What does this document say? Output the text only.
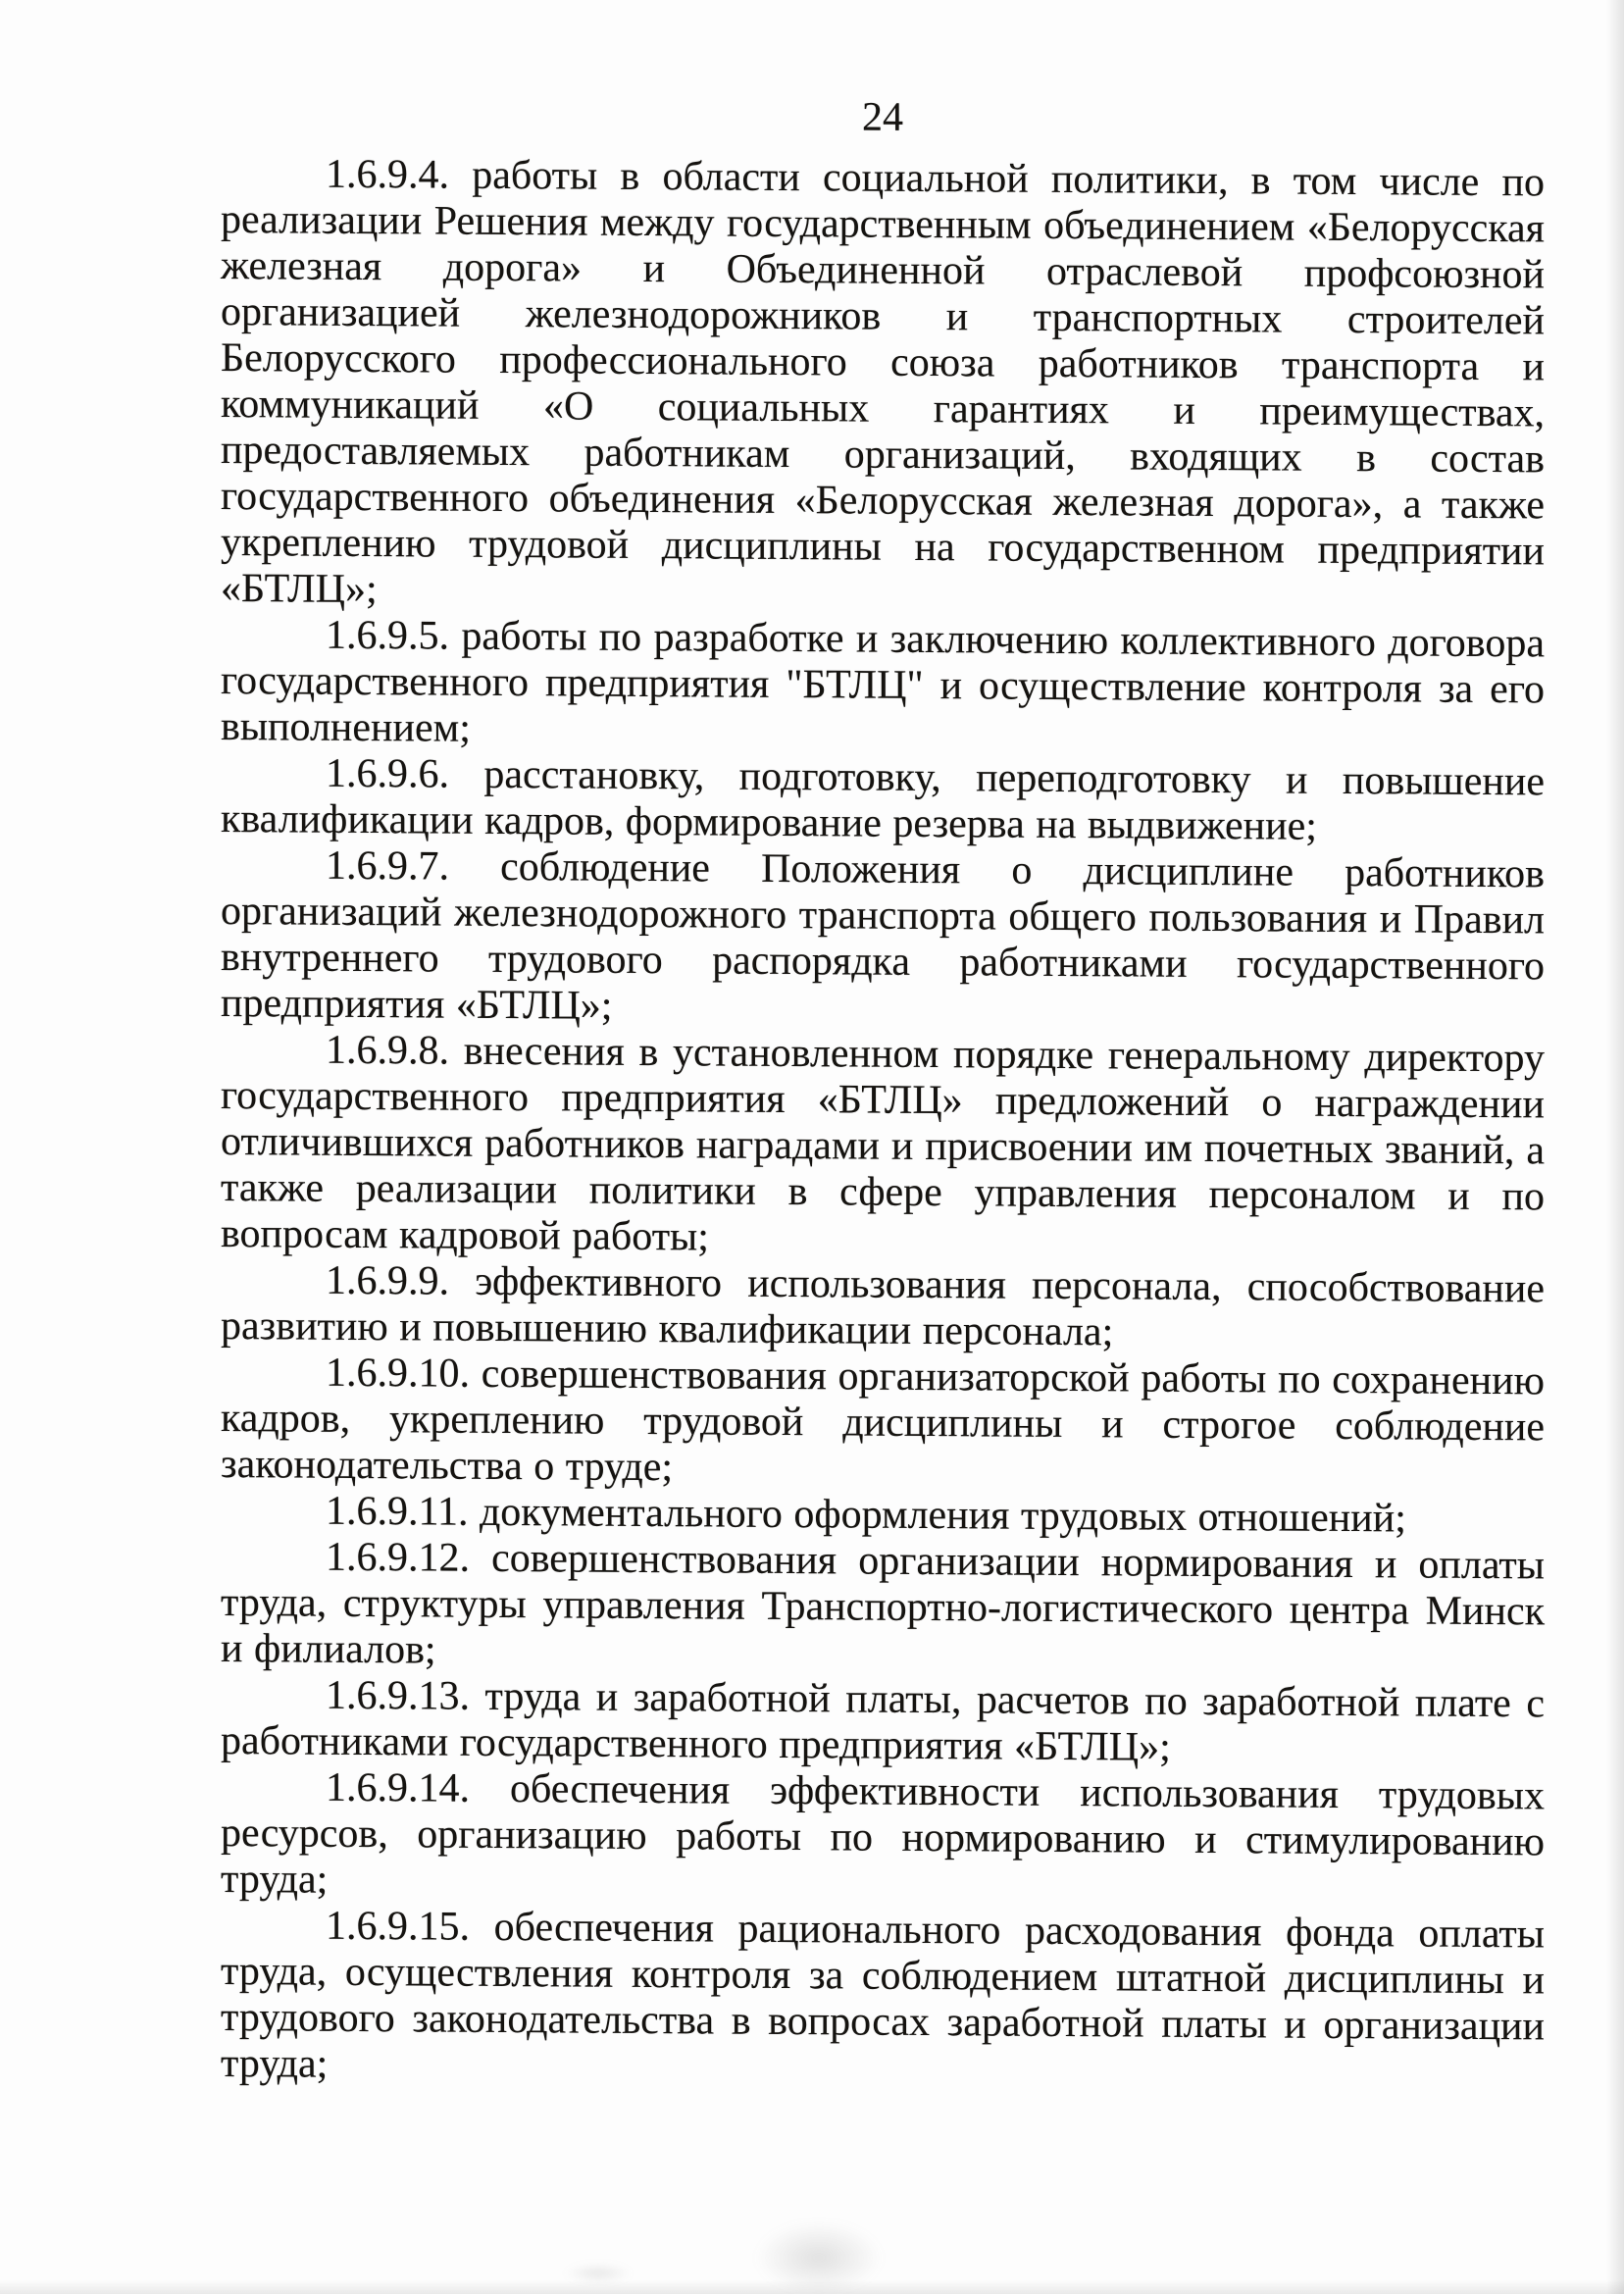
24

1.6.9.4. работы в области социальной политики, в том числе по реализации Решения между государственным объединением «Белорусская железная дорога» и Объединенной отраслевой профсоюзной организацией железнодорожников и транспортных строителей Белорусского профессионального союза работников транспорта и коммуникаций «О социальных гарантиях и преимуществах, предоставляемых работникам организаций, входящих в состав государственного объединения «Белорусская железная дорога», а также укреплению трудовой дисциплины на государственном предприятии «БТЛЦ»;

1.6.9.5. работы по разработке и заключению коллективного договора государственного предприятия "БТЛЦ" и осуществление контроля за его выполнением;

1.6.9.6. расстановку, подготовку, переподготовку и повышение квалификации кадров, формирование резерва на выдвижение;

1.6.9.7. соблюдение Положения о дисциплине работников организаций железнодорожного транспорта общего пользования и Правил внутреннего трудового распорядка работниками государственного предприятия «БТЛЦ»;

1.6.9.8. внесения в установленном порядке генеральному директору государственного предприятия «БТЛЦ» предложений о награждении отличившихся работников наградами и присвоении им почетных званий, а также реализации политики в сфере управления персоналом и по вопросам кадровой работы;

1.6.9.9. эффективного использования персонала, способствование развитию и повышению квалификации персонала;

1.6.9.10. совершенствования организаторской работы по сохранению кадров, укреплению трудовой дисциплины и строгое соблюдение законодательства о труде;

1.6.9.11. документального оформления трудовых отношений;

1.6.9.12. совершенствования организации нормирования и оплаты труда, структуры управления Транспортно-логистического центра Минск и филиалов;

1.6.9.13. труда и заработной платы, расчетов по заработной плате с работниками государственного предприятия «БТЛЦ»;

1.6.9.14. обеспечения эффективности использования трудовых ресурсов, организацию работы по нормированию и стимулированию труда;

1.6.9.15. обеспечения рационального расходования фонда оплаты труда, осуществления контроля за соблюдением штатной дисциплины и трудового законодательства в вопросах заработной платы и организации труда;
